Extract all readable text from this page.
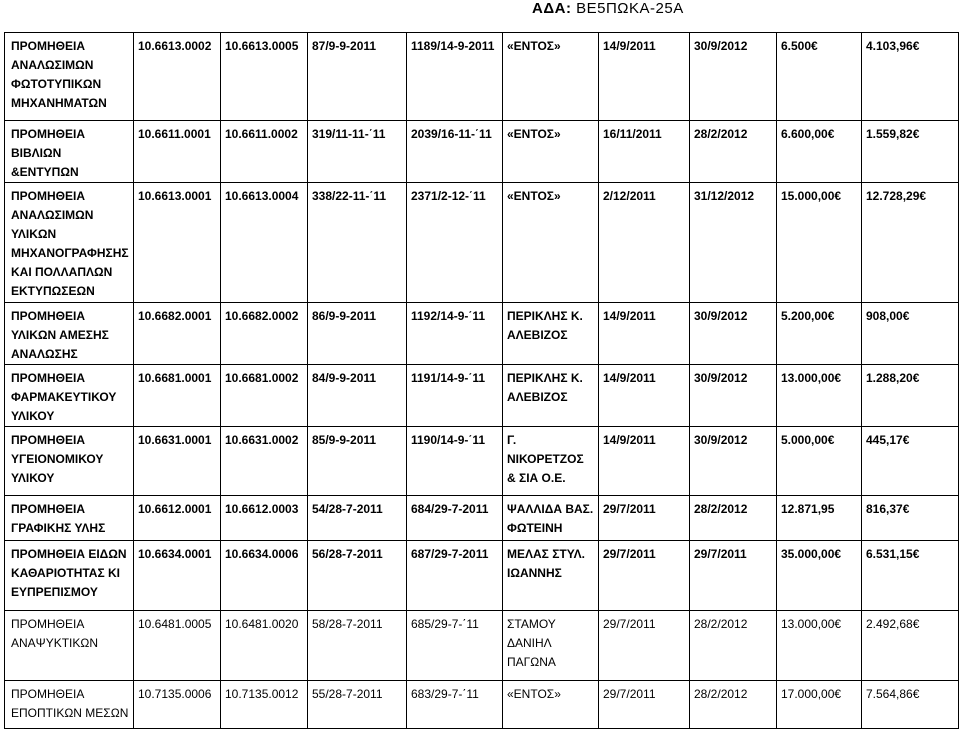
ΑΔΑ: ΒΕ5ΠΩΚΑ-25Α
ΠΡΟΜΗΘΕΙΑ ΑΝΑΛΩΣΙΜΩΝ ΦΩΤΟΤΥΠΙΚΩΝ ΜΗΧΑΝΗΜΑΤΩΝ	10.6613.0002	10.6613.0005	87/9-9-2011	1189/14-9-2011	«ΕΝΤΟΣ»	14/9/2011	30/9/2012	6.500€	4.103,96€

ΠΡΟΜΗΘΕΙΑ ΒΙΒΛΙΩΝ &ΕΝΤΥΠΩΝ	10.6611.0001	10.6611.0002	319/11-11-΄11	2039/16-11-΄11	«ΕΝΤΟΣ»	16/11/2011	28/2/2012	6.600,00€	1.559,82€

ΠΡΟΜΗΘΕΙΑ ΑΝΑΛΩΣΙΜΩΝ ΥΛΙΚΩΝ ΜΗΧΑΝΟΓΡΑΦΗΣΗΣ ΚΑΙ ΠΟΛΛΑΠΛΩΝ ΕΚΤΥΠΩΣΕΩΝ	10.6613.0001	10.6613.0004	338/22-11-΄11	2371/2-12-΄11	«ΕΝΤΟΣ»	2/12/2011	31/12/2012	15.000,00€	12.728,29€

ΠΡΟΜΗΘΕΙΑ ΥΛΙΚΩΝ ΑΜΕΣΗΣ ΑΝΑΛΩΣΗΣ	10.6682.0001	10.6682.0002	86/9-9-2011	1192/14-9-΄11	ΠΕΡΙΚΛΗΣ Κ. ΑΛΕΒΙΖΟΣ	14/9/2011	30/9/2012	5.200,00€	908,00€

ΠΡΟΜΗΘΕΙΑ ΦΑΡΜΑΚΕΥΤΙΚΟΥ ΥΛΙΚΟΥ	10.6681.0001	10.6681.0002	84/9-9-2011	1191/14-9-΄11	ΠΕΡΙΚΛΗΣ Κ. ΑΛΕΒΙΖΟΣ	14/9/2011	30/9/2012	13.000,00€	1.288,20€

ΠΡΟΜΗΘΕΙΑ ΥΓΕΙΟΝΟΜΙΚΟΥ ΥΛΙΚΟΥ	10.6631.0001	10.6631.0002	85/9-9-2011	1190/14-9-΄11	Γ. ΝΙΚΟΡΕΤΖΟΣ & ΣΙΑ Ο.Ε.	14/9/2011	30/9/2012	5.000,00€	445,17€

ΠΡΟΜΗΘΕΙΑ ΓΡΑΦΙΚΗΣ ΥΛΗΣ	10.6612.0001	10.6612.0003	54/28-7-2011	684/29-7-2011	ΨΑΛΛΙΔΑ ΒΑΣ. ΦΩΤΕΙΝΗ	29/7/2011	28/2/2012	12.871,95	816,37€

ΠΡΟΜΗΘΕΙΑ ΕΙΔΩΝ ΚΑΘΑΡΙΟΤΗΤΑΣ ΚΙ ΕΥΠΡΕΠΙΣΜΟΥ	10.6634.0001	10.6634.0006	56/28-7-2011	687/29-7-2011	ΜΕΛΑΣ ΣΤΥΛ. ΙΩΑΝΝΗΣ	29/7/2011	29/7/2011	35.000,00€	6.531,15€

ΠΡΟΜΗΘΕΙΑ ΑΝΑΨΥΚΤΙΚΩΝ	10.6481.0005	10.6481.0020	58/28-7-2011	685/29-7-΄11	ΣΤΑΜΟΥ ΔΑΝΙΗΛ ΠΑΓΩΝΑ	29/7/2011	28/2/2012	13.000,00€	2.492,68€

ΠΡΟΜΗΘΕΙΑ ΕΠΟΠΤΙΚΩΝ ΜΕΣΩΝ	10.7135.0006	10.7135.0012	55/28-7-2011	683/29-7-΄11	«ΕΝΤΟΣ»	29/7/2011	28/2/2012	17.000,00€	7.564,86€
